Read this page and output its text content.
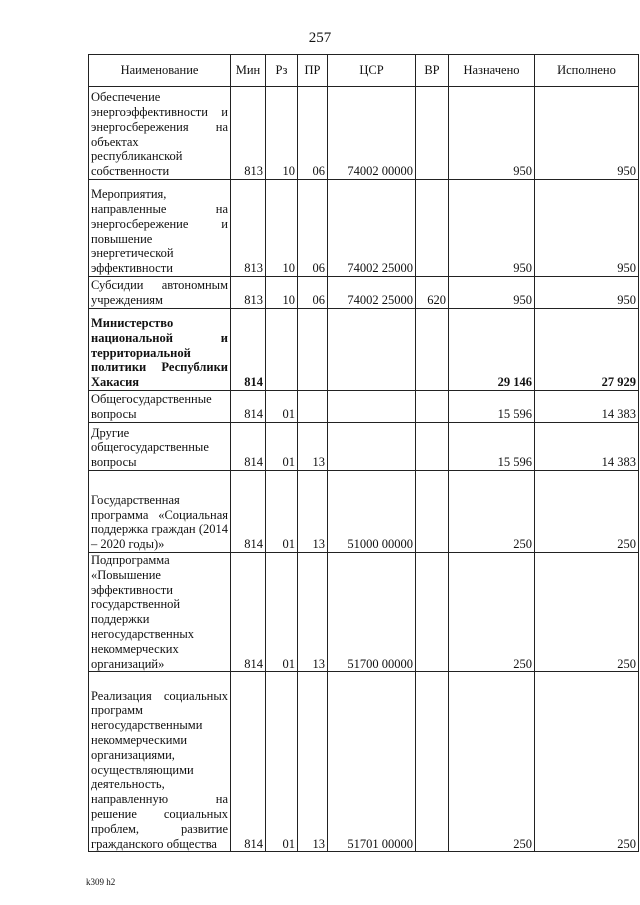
257
Наименование	Мин	Рз	ПР	ЦСР	ВР	Назначено	Исполнено
Обеспечение энергоэффективности и энергосбережения на объектах республиканской собственности	813	10	06	74002 00000		950	950
Мероприятия, направленные на энергосбережение и повышение энергетической эффективности	813	10	06	74002 25000		950	950
Субсидии автономным учреждениям	813	10	06	74002 25000	620	950	950
Министерство национальной и территориальной политики Республики Хакасия	814					29 146	27 929
Общегосударственные вопросы	814	01				15 596	14 383
Другие общегосударственные вопросы	814	01	13			15 596	14 383
Государственная программа «Социальная поддержка граждан (2014 – 2020 годы)»	814	01	13	51000 00000		250	250
Подпрограмма «Повышение эффективности государственной поддержки негосударственных некоммерческих организаций»	814	01	13	51700 00000		250	250
Реализация социальных программ негосударственными некоммерческими организациями, осуществляющими деятельность, направленную на решение социальных проблем, развитие гражданского общества	814	01	13	51701 00000		250	250
k309 h2
